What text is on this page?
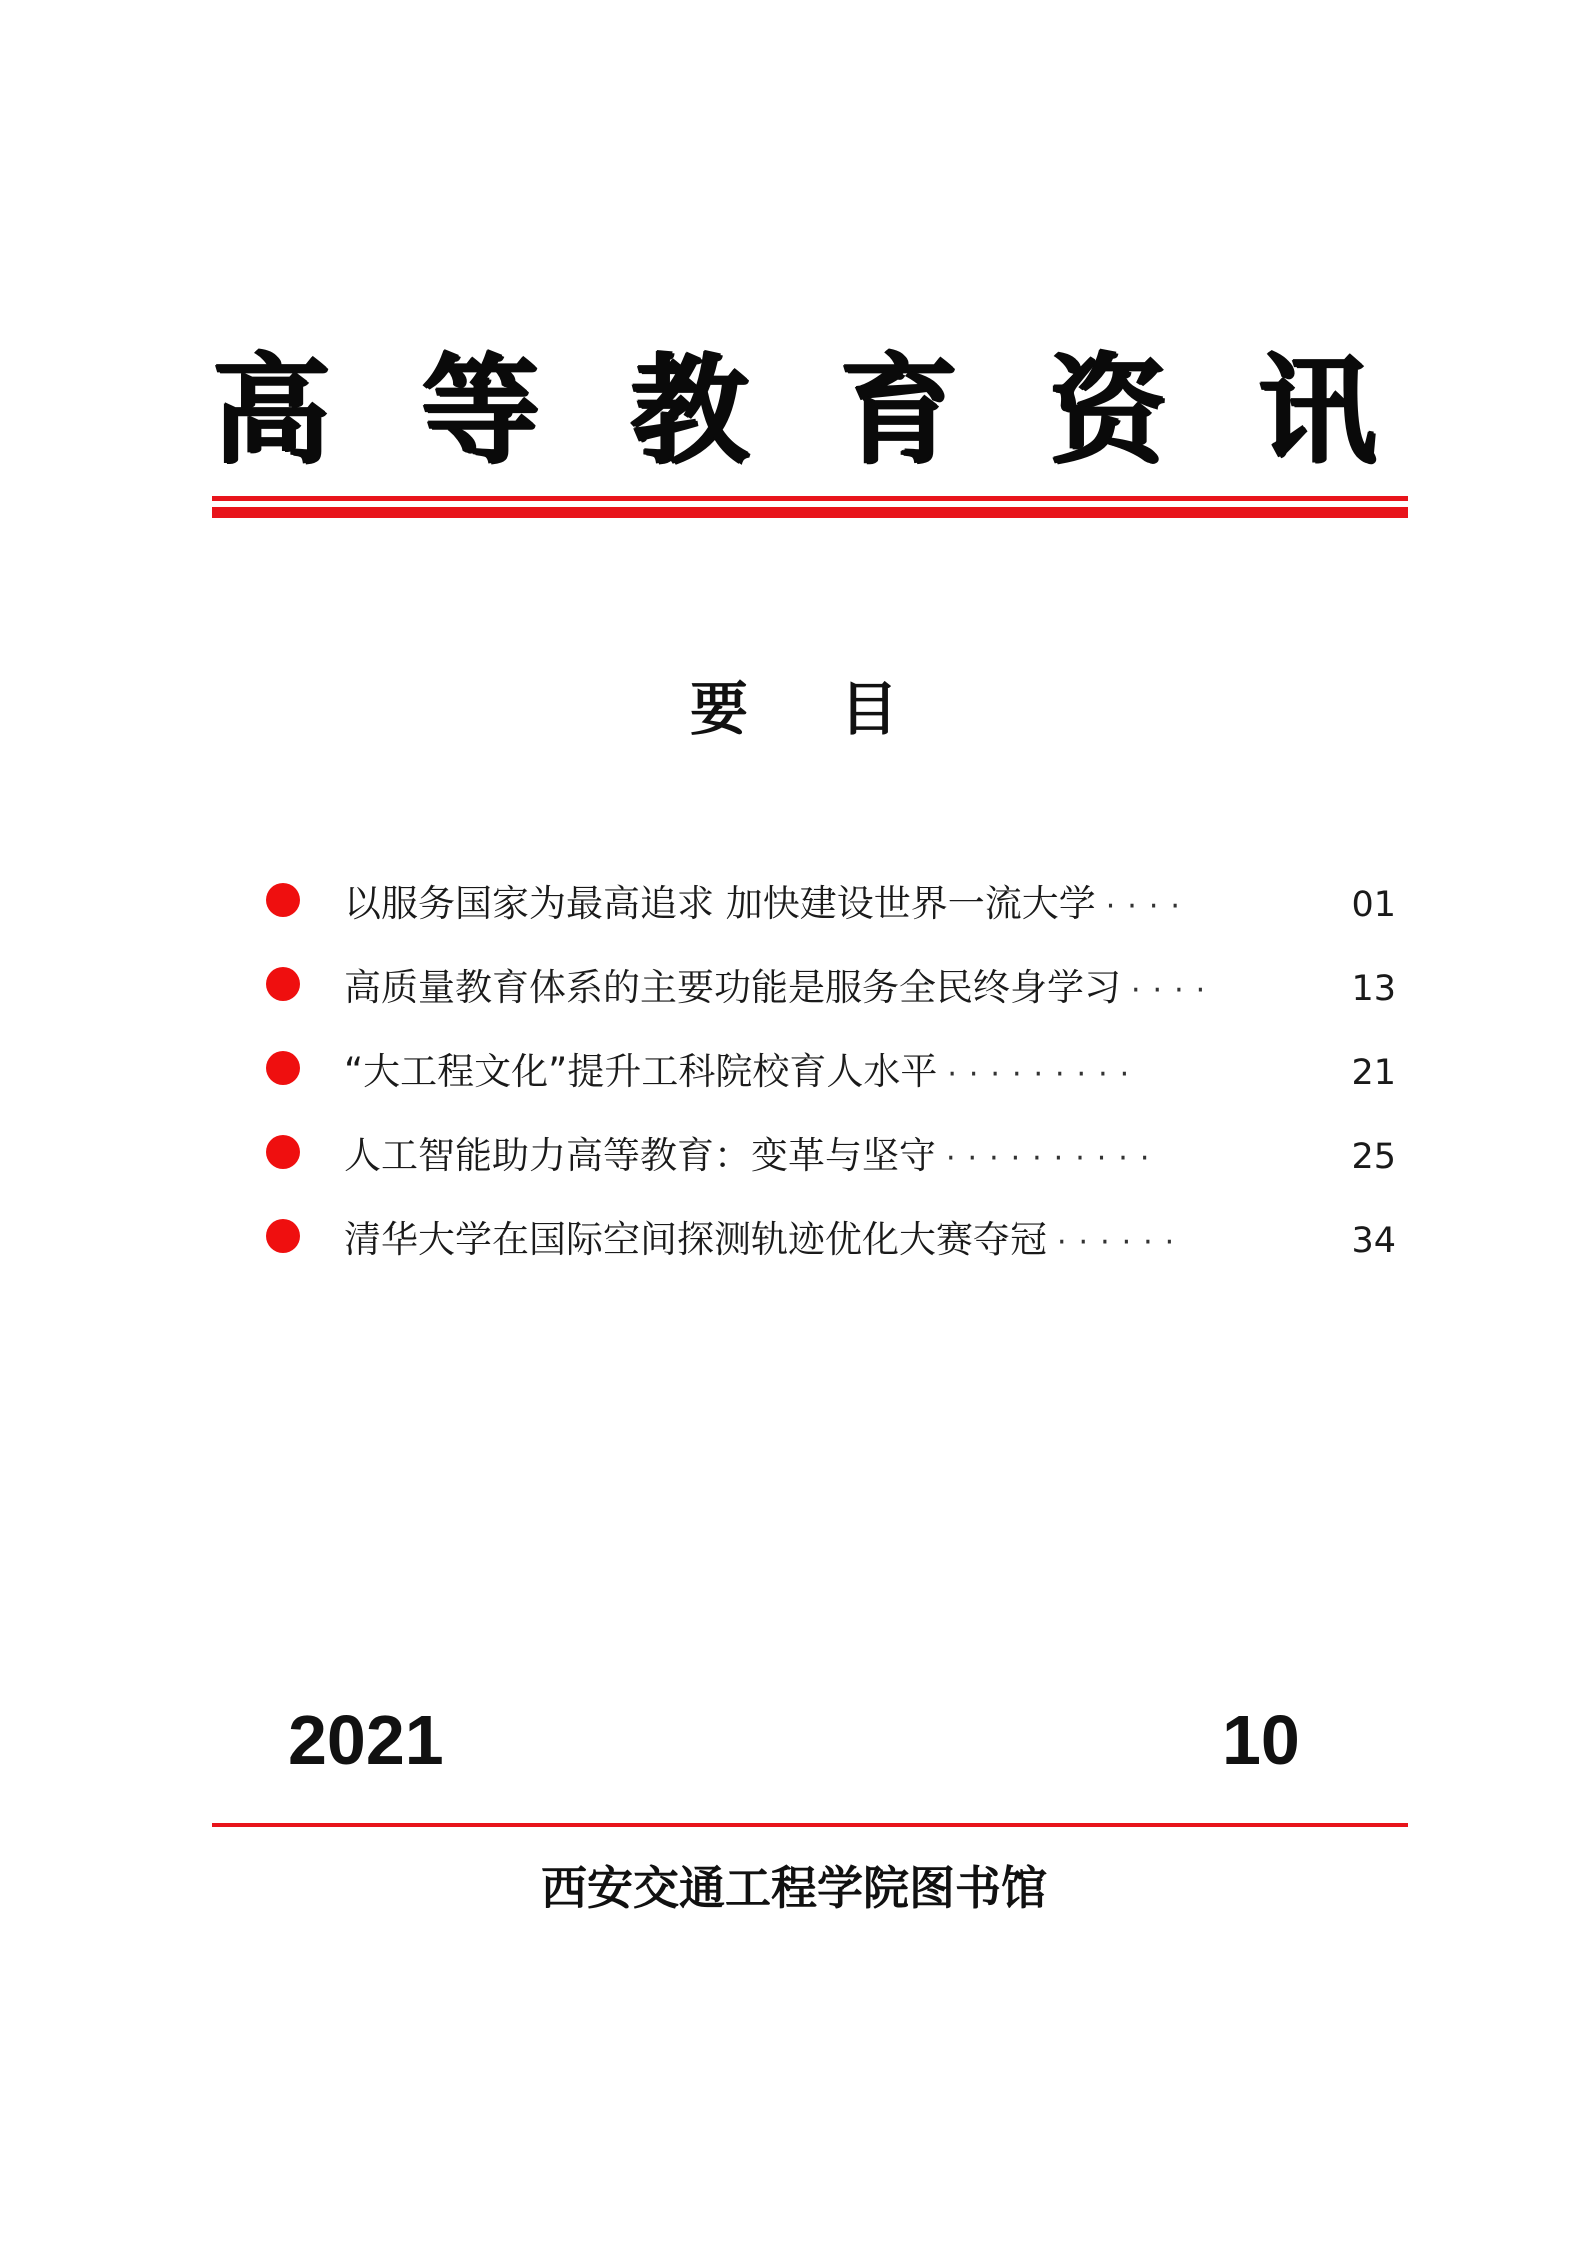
高 等 教 育 资 讯
要目
以服务国家为最高追求 加快建设世界一流大学 ····	01
高质量教育体系的主要功能是服务全民终身学习 ····	13
“大工程文化”提升工科院校育人水平 ·········	21
人工智能助力高等教育：变革与坚守 ··········	25
清华大学在国际空间探测轨迹优化大赛夺冠 ······	34
2021	10
西安交通工程学院图书馆
